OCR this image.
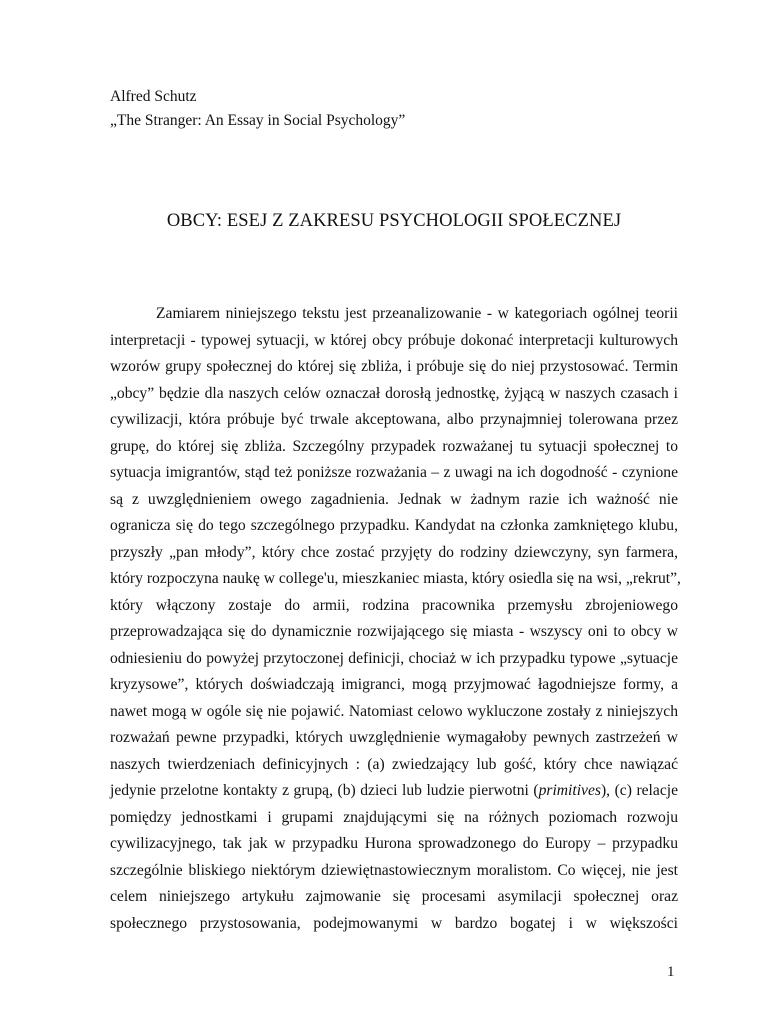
Alfred Schutz
„The Stranger: An Essay in Social Psychology”
OBCY: ESEJ Z ZAKRESU PSYCHOLOGII SPOŁECZNEJ
Zamiarem niniejszego tekstu jest przeanalizowanie - w kategoriach ogólnej teorii
interpretacji - typowej sytuacji, w której obcy próbuje dokonać interpretacji kulturowych
wzorów grupy społecznej do której się zbliża, i próbuje się do niej przystosować. Termin
„obcy” będzie dla naszych celów oznaczał dorosłą jednostkę, żyjącą w naszych czasach i
cywilizacji, która próbuje być trwale akceptowana, albo przynajmniej tolerowana przez
grupę, do której się zbliża. Szczególny przypadek rozważanej tu sytuacji społecznej to
sytuacja imigrantów, stąd też poniższe rozważania – z uwagi na ich dogodność - czynione
są z uwzględnieniem owego zagadnienia. Jednak w żadnym razie ich ważność nie
ogranicza się do tego szczególnego przypadku. Kandydat na członka zamkniętego klubu,
przyszły „pan młody”, który chce zostać przyjęty do rodziny dziewczyny, syn farmera,
który rozpoczyna naukę w college'u, mieszkaniec miasta, który osiedla się na wsi, „rekrut”,
który włączony zostaje do armii, rodzina pracownika przemysłu zbrojeniowego
przeprowadzająca się do dynamicznie rozwijającego się miasta - wszyscy oni to obcy w
odniesieniu do powyżej przytoczonej definicji, chociaż w ich przypadku typowe „sytuacje
kryzysowe”, których doświadczają imigranci, mogą przyjmować łagodniejsze formy, a
nawet mogą w ogóle się nie pojawić. Natomiast celowo wykluczone zostały z niniejszych
rozważań pewne przypadki, których uwzględnienie wymagałoby pewnych zastrzeżeń w
naszych twierdzeniach definicyjnych : (a) zwiedzający lub gość, który chce nawiązać
jedynie przelotne kontakty z grupą, (b) dzieci lub ludzie pierwotni (primitives), (c) relacje
pomiędzy jednostkami i grupami znajdującymi się na różnych poziomach rozwoju
cywilizacyjnego, tak jak w przypadku Hurona sprowadzonego do Europy – przypadku
szczególnie bliskiego niektórym dziewiętnastowiecznym moralistom. Co więcej, nie jest
celem niniejszego artykułu zajmowanie się procesami asymilacji społecznej oraz
społecznego przystosowania, podejmowanymi w bardzo bogatej i w większości
1
